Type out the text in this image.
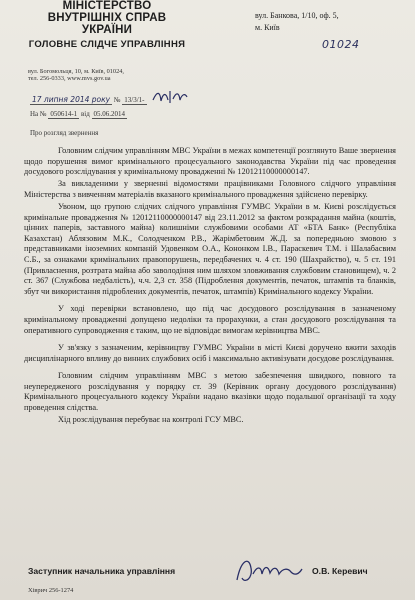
МІНІСТЕРСТВО
ВНУТРІШНІХ СПРАВ
УКРАЇНИ
ГОЛОВНЕ СЛІДЧЕ УПРАВЛІННЯ
вул. Богомольця, 10, м. Київ, 01024,
тел. 256-0333, www.mvs.gov.ua
17 липня 2014 року № 13/3/1-
На № 050614-1 від 05.06.2014
вул. Банкова, 1/10, оф. 5,
м. Київ
01024
Про розгляд звернення

Головним слідчим управлінням МВС України в межах компетенції розглянуто Ваше звернення щодо порушення вимог кримінального процесуального законодавства України під час проведення досудового розслідування у кримінальному провадженні № 12012110000000147.

За викладеними у зверненні відомостями працівниками Головного слідчого управління Міністерства з вивченням матеріалів вказаного кримінального провадження здійснено перевірку.

Увоном, що групою слідчих слідчого управління ГУМВС України в м. Києві розслідується кримінальне провадження № 12012110000000147 від 23.11.2012 за фактом розкрадання майна (коштів, цінних паперів, заставного майна) колишніми службовими особами АТ «БТА Банк» (Республіка Казахстан) Аблязовим М.К., Солодченком Р.В., Жарімбетовим Ж.Д. за попередньою змовою з представниками іноземних компаній Удовенком О.А., Кононком І.В., Параскевич Т.М. і Шалабасвим С.Б., за ознаками кримінальних правопорушень, передбачених ч. 4 ст. 190 (Шахрайство), ч. 5 ст. 191 (Привласнення, розтрата майна або заволодіння ним шляхом зловживання службовим становищем), ч. 2 ст. 367 (Службова недбалість), ч.ч. 2,3 ст. 358 (Підроблення документів, печаток, штампів та бланків, збут чи використання підроблених документів, печаток, штампів) Кримінального кодексу України.

У ході перевірки встановлено, що під час досудового розслідування в зазначеному кримінальному провадженні допущено недоліки та прорахунки, а стан досудового розслідування та оперативного супроводження є таким, що не відповідає вимогам керівництва МВС.

У зв'язку з зазначеним, керівництву ГУМВС України в місті Києві доручено вжити заходів дисциплінарного впливу до винних службових осіб і максимально активізувати досудове розслідування.

Головним слідчим управлінням МВС з метою забезпечення швидкого, повного та неупередженого розслідування у порядку ст. 39 (Керівник органу досудового розслідування) Кримінального процесуального кодексу України надано вказівки щодо подальшої організації та ходу проведення слідства.

Хід розслідування перебуває на контролі ГСУ МВС.

Заступник начальника управління	О.В. Керевич
Хіврич 256-1274
